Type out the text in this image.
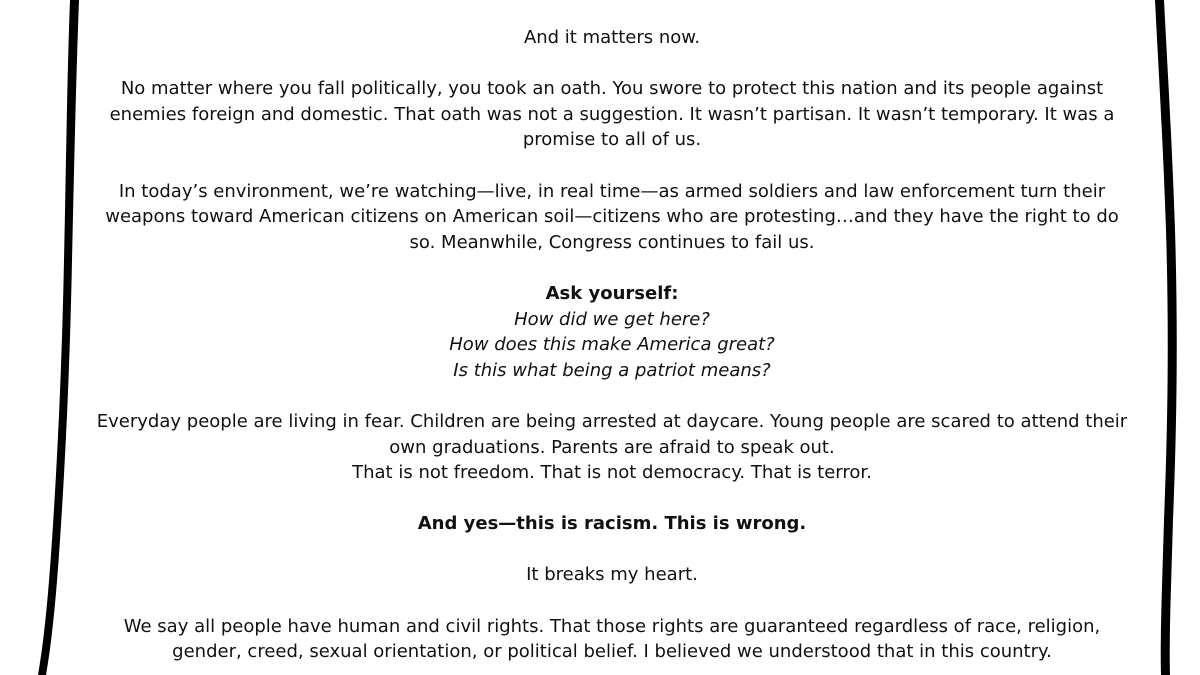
And it matters now.

No matter where you fall politically, you took an oath. You swore to protect this nation and its people against enemies foreign and domestic. That oath was not a suggestion. It wasn’t partisan. It wasn’t temporary. It was a promise to all of us.

In today’s environment, we’re watching—live, in real time—as armed soldiers and law enforcement turn their weapons toward American citizens on American soil—citizens who are protesting…and they have the right to do so. Meanwhile, Congress continues to fail us.

Ask yourself:
How did we get here?
How does this make America great?
Is this what being a patriot means?

Everyday people are living in fear. Children are being arrested at daycare. Young people are scared to attend their own graduations. Parents are afraid to speak out.
That is not freedom. That is not democracy. That is terror.

And yes—this is racism. This is wrong.

It breaks my heart.

We say all people have human and civil rights. That those rights are guaranteed regardless of race, religion, gender, creed, sexual orientation, or political belief. I believed we understood that in this country.
